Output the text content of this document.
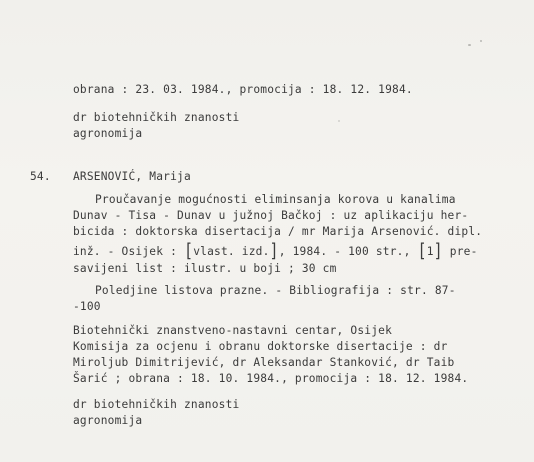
obrana : 23. 03. 1984., promocija : 18. 12. 1984.
dr biotehničkih znanosti
agronomija
54. ARSENOVIĆ, Marija
Proučavanje mogućnosti eliminsanja korova u kanalima
Dunav - Tisa - Dunav u južnoj Bačkoj : uz aplikaciju her-
bicida : doktorska disertacija / mr Marija Arsenović. dipl.
inž. - Osijek : [vlast. izd.], 1984. - 100 str., [1] pre-
savijeni list : ilustr. u boji ; 30 cm
Poledjine listova prazne. - Bibliografija : str. 87-
-100
Biotehnički znanstveno-nastavni centar, Osijek
Komisija za ocjenu i obranu doktorske disertacije : dr
Miroljub Dimitrijević, dr Aleksandar Stanković, dr Taib
Šarić ; obrana : 18. 10. 1984., promocija : 18. 12. 1984.
dr biotehničkih znanosti
agronomija
